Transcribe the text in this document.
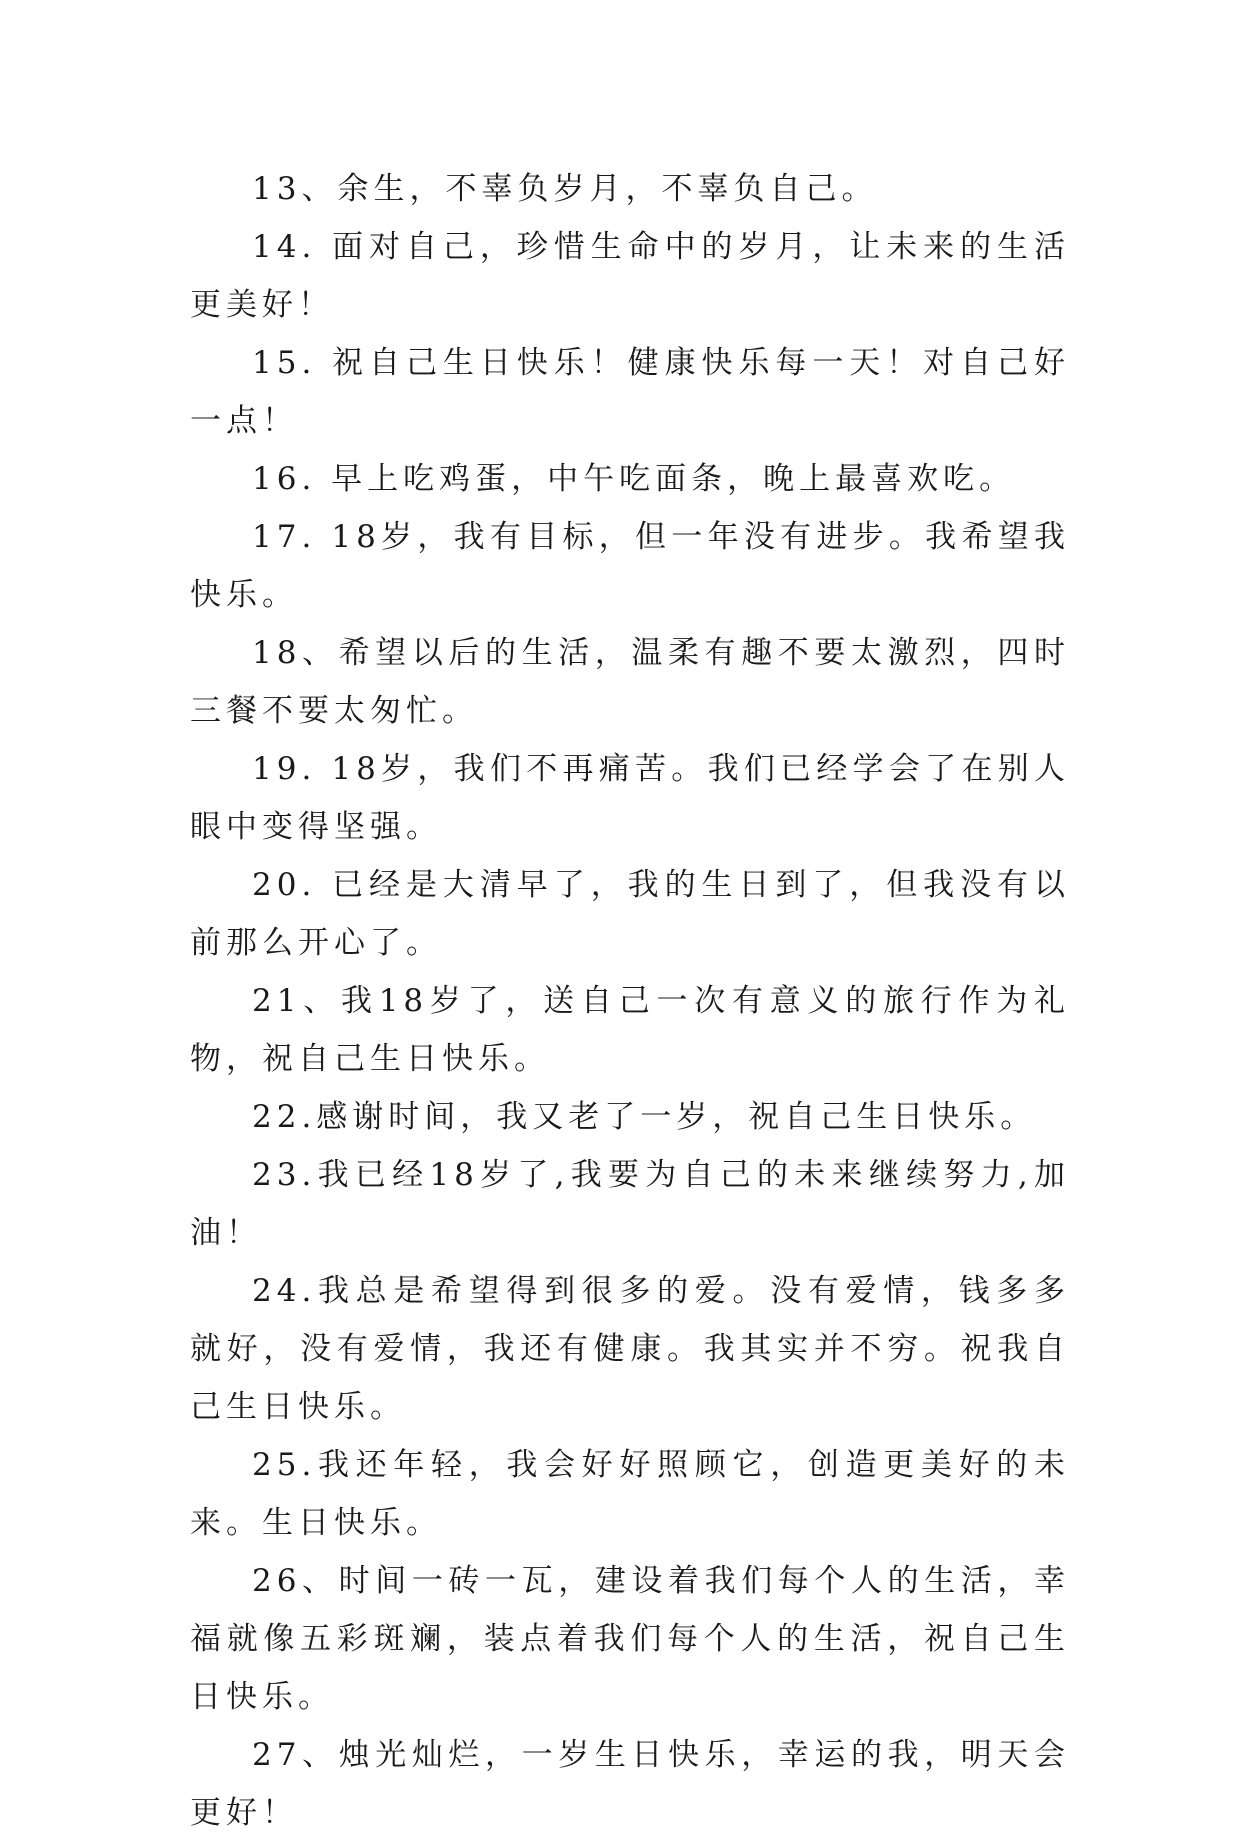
13、余生，不辜负岁月，不辜负自己。

14. 面对自己，珍惜生命中的岁月，让未来的生活更美好！

15. 祝自己生日快乐！健康快乐每一天！对自己好一点！

16. 早上吃鸡蛋，中午吃面条，晚上最喜欢吃。

17. 18岁，我有目标，但一年没有进步。我希望我快乐。

18、希望以后的生活，温柔有趣不要太激烈，四时三餐不要太匆忙。

19. 18岁，我们不再痛苦。我们已经学会了在别人眼中变得坚强。

20. 已经是大清早了，我的生日到了，但我没有以前那么开心了。

21、我18岁了，送自己一次有意义的旅行作为礼物，祝自己生日快乐。

22.感谢时间，我又老了一岁，祝自己生日快乐。

23.我已经18岁了,我要为自己的未来继续努力,加油！

24.我总是希望得到很多的爱。没有爱情，钱多多就好，没有爱情，我还有健康。我其实并不穷。祝我自己生日快乐。

25.我还年轻，我会好好照顾它，创造更美好的未来。生日快乐。

26、时间一砖一瓦，建设着我们每个人的生活，幸福就像五彩斑斓，装点着我们每个人的生活，祝自己生日快乐。

27、烛光灿烂，一岁生日快乐，幸运的我，明天会更好！
